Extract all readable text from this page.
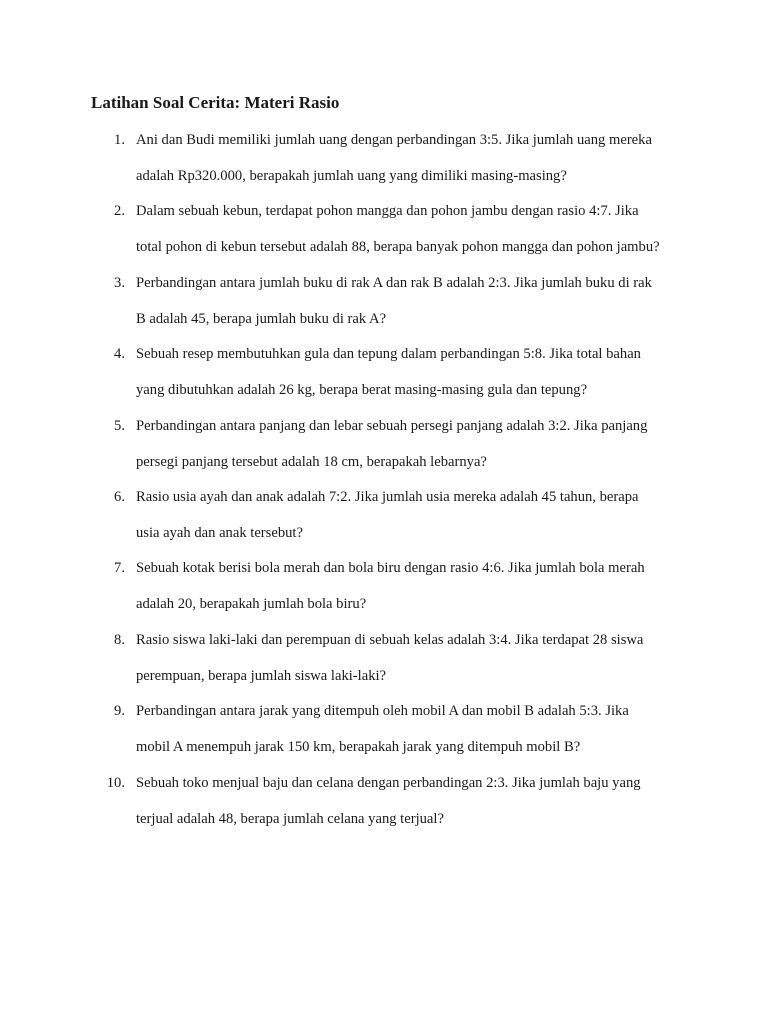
Latihan Soal Cerita: Materi Rasio
1. Ani dan Budi memiliki jumlah uang dengan perbandingan 3:5. Jika jumlah uang mereka
adalah Rp320.000, berapakah jumlah uang yang dimiliki masing-masing?
2. Dalam sebuah kebun, terdapat pohon mangga dan pohon jambu dengan rasio 4:7. Jika
total pohon di kebun tersebut adalah 88, berapa banyak pohon mangga dan pohon jambu?
3. Perbandingan antara jumlah buku di rak A dan rak B adalah 2:3. Jika jumlah buku di rak
B adalah 45, berapa jumlah buku di rak A?
4. Sebuah resep membutuhkan gula dan tepung dalam perbandingan 5:8. Jika total bahan
yang dibutuhkan adalah 26 kg, berapa berat masing-masing gula dan tepung?
5. Perbandingan antara panjang dan lebar sebuah persegi panjang adalah 3:2. Jika panjang
persegi panjang tersebut adalah 18 cm, berapakah lebarnya?
6. Rasio usia ayah dan anak adalah 7:2. Jika jumlah usia mereka adalah 45 tahun, berapa
usia ayah dan anak tersebut?
7. Sebuah kotak berisi bola merah dan bola biru dengan rasio 4:6. Jika jumlah bola merah
adalah 20, berapakah jumlah bola biru?
8. Rasio siswa laki-laki dan perempuan di sebuah kelas adalah 3:4. Jika terdapat 28 siswa
perempuan, berapa jumlah siswa laki-laki?
9. Perbandingan antara jarak yang ditempuh oleh mobil A dan mobil B adalah 5:3. Jika
mobil A menempuh jarak 150 km, berapakah jarak yang ditempuh mobil B?
10. Sebuah toko menjual baju dan celana dengan perbandingan 2:3. Jika jumlah baju yang
terjual adalah 48, berapa jumlah celana yang terjual?
